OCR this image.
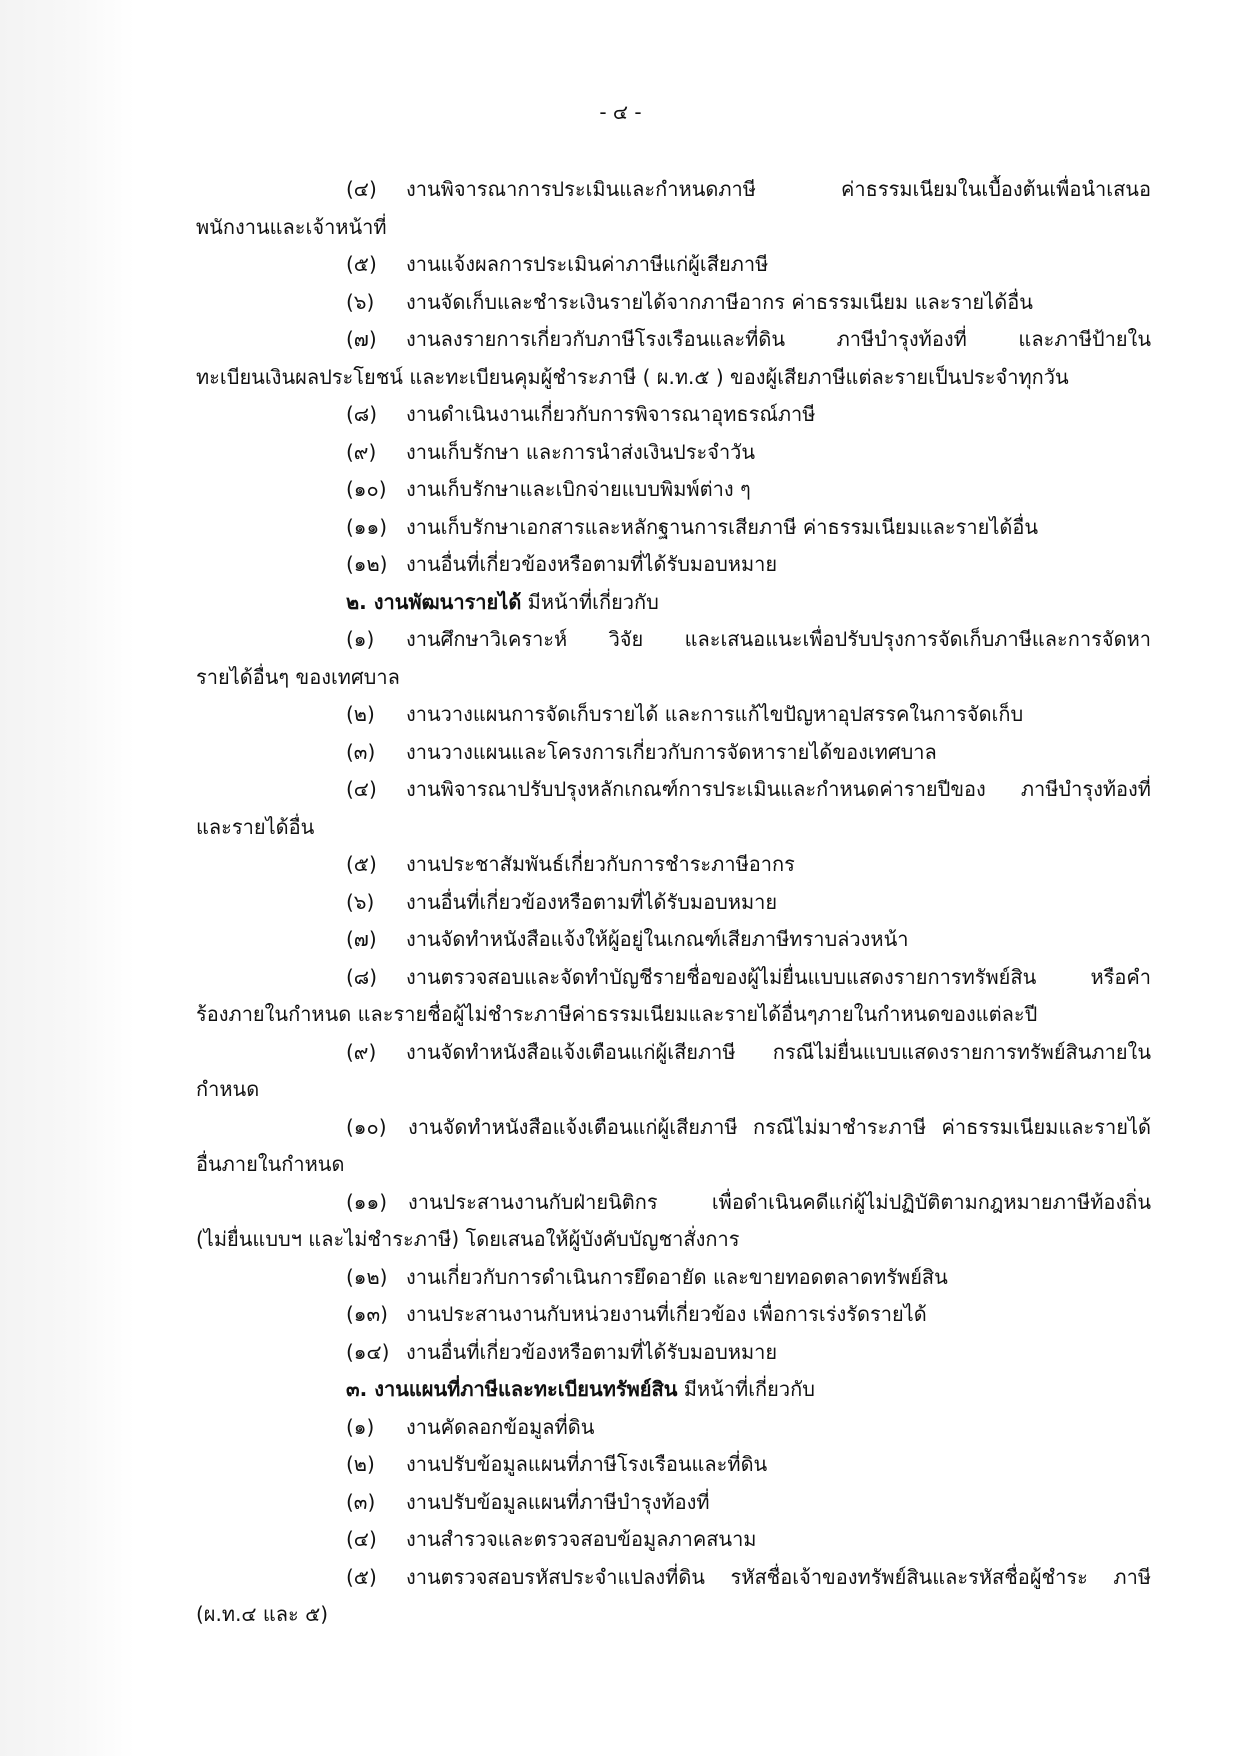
- ๔ -
(๔) งานพิจารณาการประเมินและกำหนดภาษี ค่าธรรมเนียมในเบื้องต้นเพื่อนำเสนอ
พนักงานและเจ้าหน้าที่
(๕) งานแจ้งผลการประเมินค่าภาษีแก่ผู้เสียภาษี
(๖) งานจัดเก็บและชำระเงินรายได้จากภาษีอากร ค่าธรรมเนียม และรายได้อื่น
(๗) งานลงรายการเกี่ยวกับภาษีโรงเรือนและที่ดิน ภาษีบำรุงท้องที่ และภาษีป้ายใน
ทะเบียนเงินผลประโยชน์ และทะเบียนคุมผู้ชำระภาษี ( ผ.ท.๕ ) ของผู้เสียภาษีแต่ละรายเป็นประจำทุกวัน
(๘) งานดำเนินงานเกี่ยวกับการพิจารณาอุทธรณ์ภาษี
(๙) งานเก็บรักษา และการนำส่งเงินประจำวัน
(๑๐) งานเก็บรักษาและเบิกจ่ายแบบพิมพ์ต่าง ๆ
(๑๑) งานเก็บรักษาเอกสารและหลักฐานการเสียภาษี ค่าธรรมเนียมและรายได้อื่น
(๑๒) งานอื่นที่เกี่ยวข้องหรือตามที่ได้รับมอบหมาย
๒. งานพัฒนารายได้ มีหน้าที่เกี่ยวกับ
(๑) งานศึกษาวิเคราะห์ วิจัย และเสนอแนะเพื่อปรับปรุงการจัดเก็บภาษีและการจัดหา
รายได้อื่นๆ ของเทศบาล
(๒) งานวางแผนการจัดเก็บรายได้ และการแก้ไขปัญหาอุปสรรคในการจัดเก็บ
(๓) งานวางแผนและโครงการเกี่ยวกับการจัดหารายได้ของเทศบาล
(๔) งานพิจารณาปรับปรุงหลักเกณฑ์การประเมินและกำหนดค่ารายปีของ ภาษีบำรุงท้องที่
และรายได้อื่น
(๕) งานประชาสัมพันธ์เกี่ยวกับการชำระภาษีอากร
(๖) งานอื่นที่เกี่ยวข้องหรือตามที่ได้รับมอบหมาย
(๗) งานจัดทำหนังสือแจ้งให้ผู้อยู่ในเกณฑ์เสียภาษีทราบล่วงหน้า
(๘) งานตรวจสอบและจัดทำบัญชีรายชื่อของผู้ไม่ยื่นแบบแสดงรายการทรัพย์สิน หรือคำ
ร้องภายในกำหนด และรายชื่อผู้ไม่ชำระภาษีค่าธรรมเนียมและรายได้อื่นๆภายในกำหนดของแต่ละปี
(๙) งานจัดทำหนังสือแจ้งเตือนแก่ผู้เสียภาษี กรณีไม่ยื่นแบบแสดงรายการทรัพย์สินภายใน
กำหนด
(๑๐) งานจัดทำหนังสือแจ้งเตือนแก่ผู้เสียภาษี กรณีไม่มาชำระภาษี ค่าธรรมเนียมและรายได้
อื่นภายในกำหนด
(๑๑) งานประสานงานกับฝ่ายนิติกร เพื่อดำเนินคดีแก่ผู้ไม่ปฏิบัติตามกฎหมายภาษีท้องถิ่น
(ไม่ยื่นแบบฯ และไม่ชำระภาษี) โดยเสนอให้ผู้บังคับบัญชาสั่งการ
(๑๒) งานเกี่ยวกับการดำเนินการยึดอายัด และขายทอดตลาดทรัพย์สิน
(๑๓) งานประสานงานกับหน่วยงานที่เกี่ยวข้อง เพื่อการเร่งรัดรายได้
(๑๔) งานอื่นที่เกี่ยวข้องหรือตามที่ได้รับมอบหมาย
๓. งานแผนที่ภาษีและทะเบียนทรัพย์สิน มีหน้าที่เกี่ยวกับ
(๑) งานคัดลอกข้อมูลที่ดิน
(๒) งานปรับข้อมูลแผนที่ภาษีโรงเรือนและที่ดิน
(๓) งานปรับข้อมูลแผนที่ภาษีบำรุงท้องที่
(๔) งานสำรวจและตรวจสอบข้อมูลภาคสนาม
(๕) งานตรวจสอบรหัสประจำแปลงที่ดิน รหัสชื่อเจ้าของทรัพย์สินและรหัสชื่อผู้ชำระ ภาษี
(ผ.ท.๔ และ ๕)
